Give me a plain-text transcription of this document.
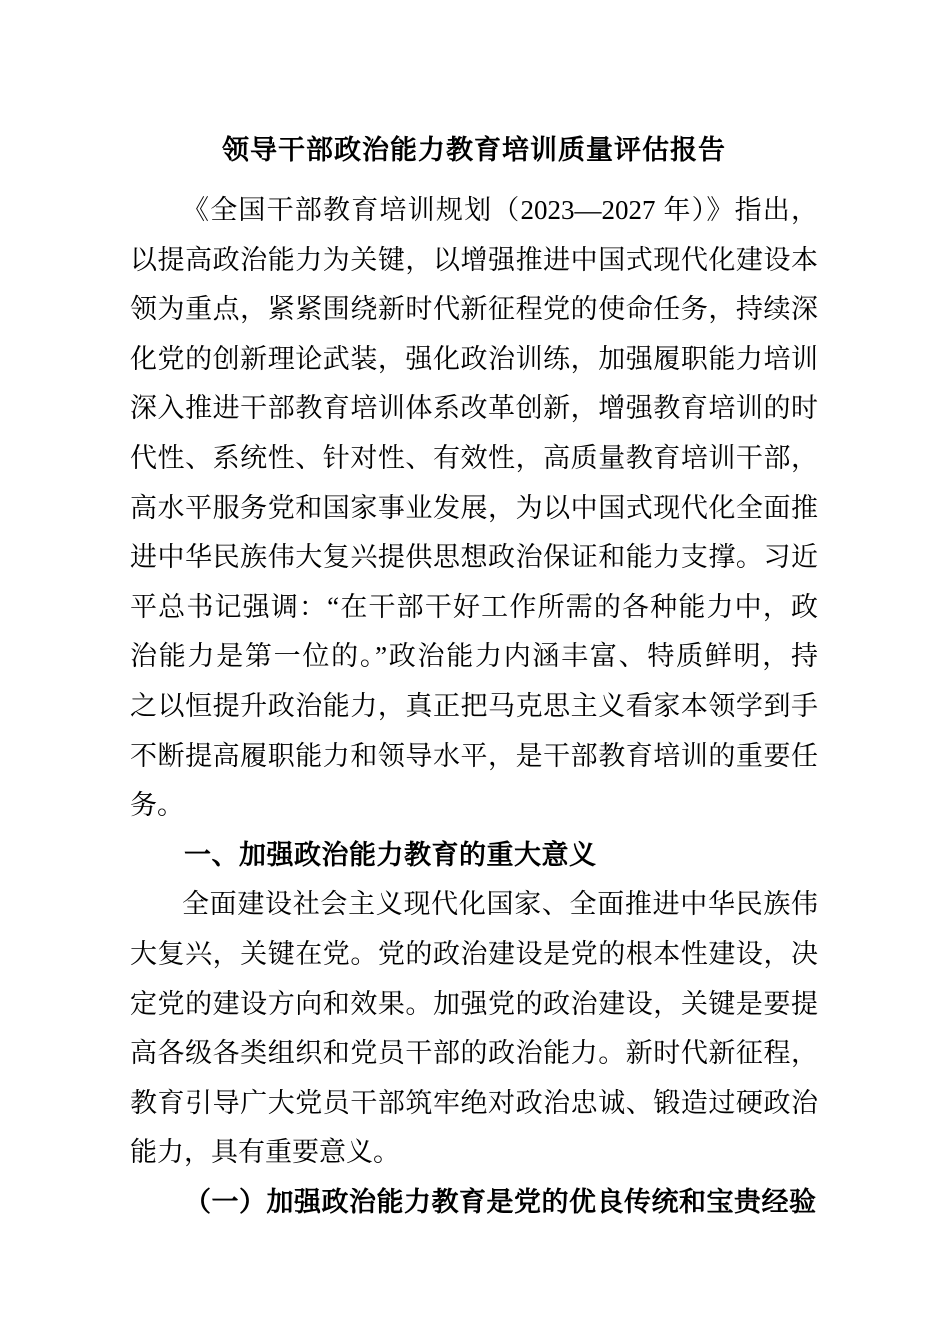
领导干部政治能力教育培训质量评估报告
《全国干部教育培训规划（2023—2027 年）》指出，
以提高政治能力为关键，以增强推进中国式现代化建设本
领为重点，紧紧围绕新时代新征程党的使命任务，持续深
化党的创新理论武装，强化政治训练，加强履职能力培训
深入推进干部教育培训体系改革创新，增强教育培训的时
代性、系统性、针对性、有效性，高质量教育培训干部，
高水平服务党和国家事业发展，为以中国式现代化全面推
进中华民族伟大复兴提供思想政治保证和能力支撑。习近
平总书记强调：“在干部干好工作所需的各种能力中，政
治能力是第一位的。”政治能力内涵丰富、特质鲜明，持
之以恒提升政治能力，真正把马克思主义看家本领学到手
不断提高履职能力和领导水平，是干部教育培训的重要任
务。
一、加强政治能力教育的重大意义
全面建设社会主义现代化国家、全面推进中华民族伟
大复兴，关键在党。党的政治建设是党的根本性建设，决
定党的建设方向和效果。加强党的政治建设，关键是要提
高各级各类组织和党员干部的政治能力。新时代新征程，
教育引导广大党员干部筑牢绝对政治忠诚、锻造过硬政治
能力，具有重要意义。
（一）加强政治能力教育是党的优良传统和宝贵经验
